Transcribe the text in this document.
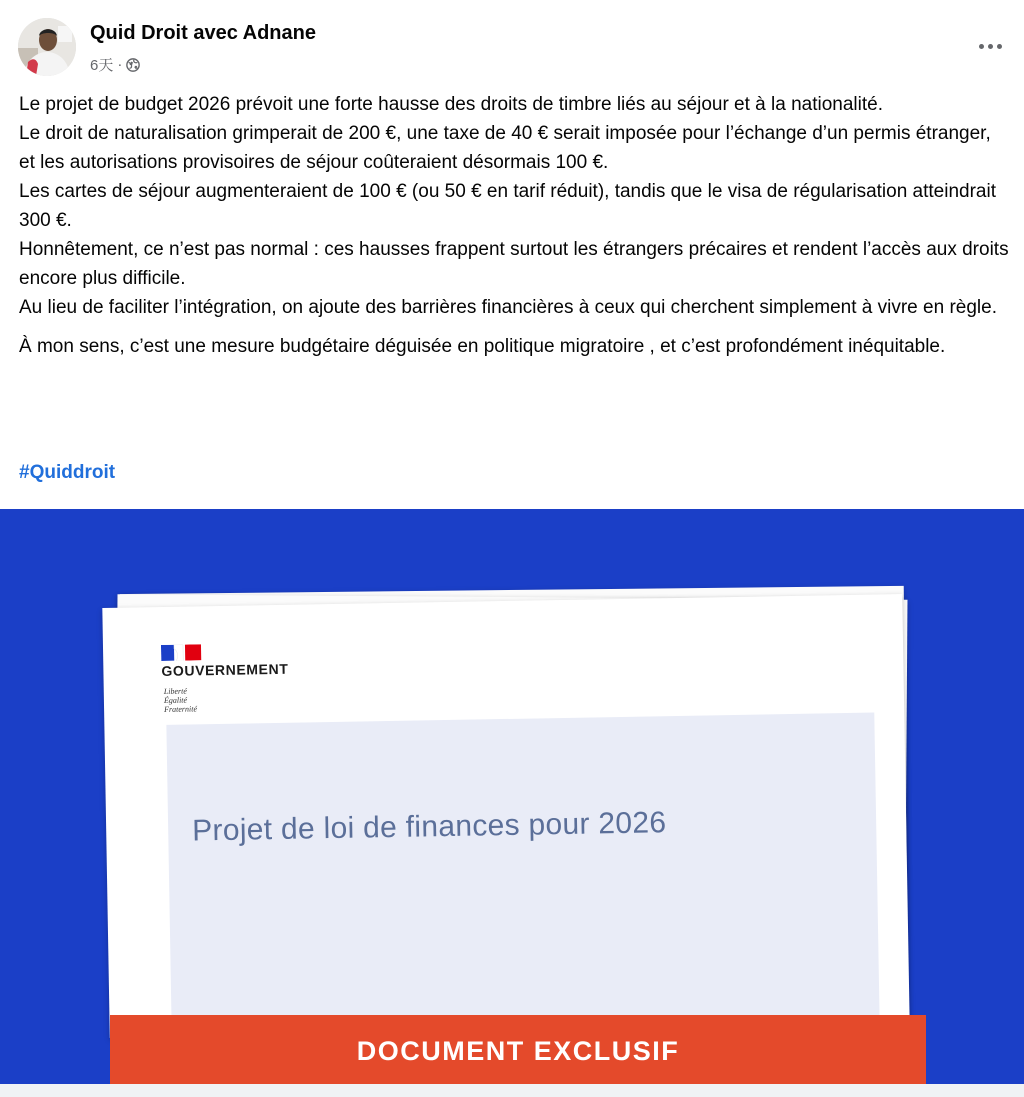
Quid Droit avec Adnane
6天 ·

Le projet de budget 2026 prévoit une forte hausse des droits de timbre liés au séjour et à la nationalité.

Le droit de naturalisation grimperait de 200 €, une taxe de 40 € serait imposée pour l’échange d’un permis étranger, et les autorisations provisoires de séjour coûteraient désormais 100 €.

Les cartes de séjour augmenteraient de 100 € (ou 50 € en tarif réduit), tandis que le visa de régularisation atteindrait 300 €.

Honnêtement, ce n’est pas normal : ces hausses frappent surtout les étrangers précaires et rendent l’accès aux droits encore plus difficile.

Au lieu de faciliter l’intégration, on ajoute des barrières financières à ceux qui cherchent simplement à vivre en règle.

À mon sens, c’est une mesure budgétaire déguisée en politique migratoire , et c’est profondément inéquitable.

#Quiddroit
GOUVERNEMENT
Liberté
Égalité
Fraternité
Projet de loi de finances pour 2026
DOCUMENT EXCLUSIF
